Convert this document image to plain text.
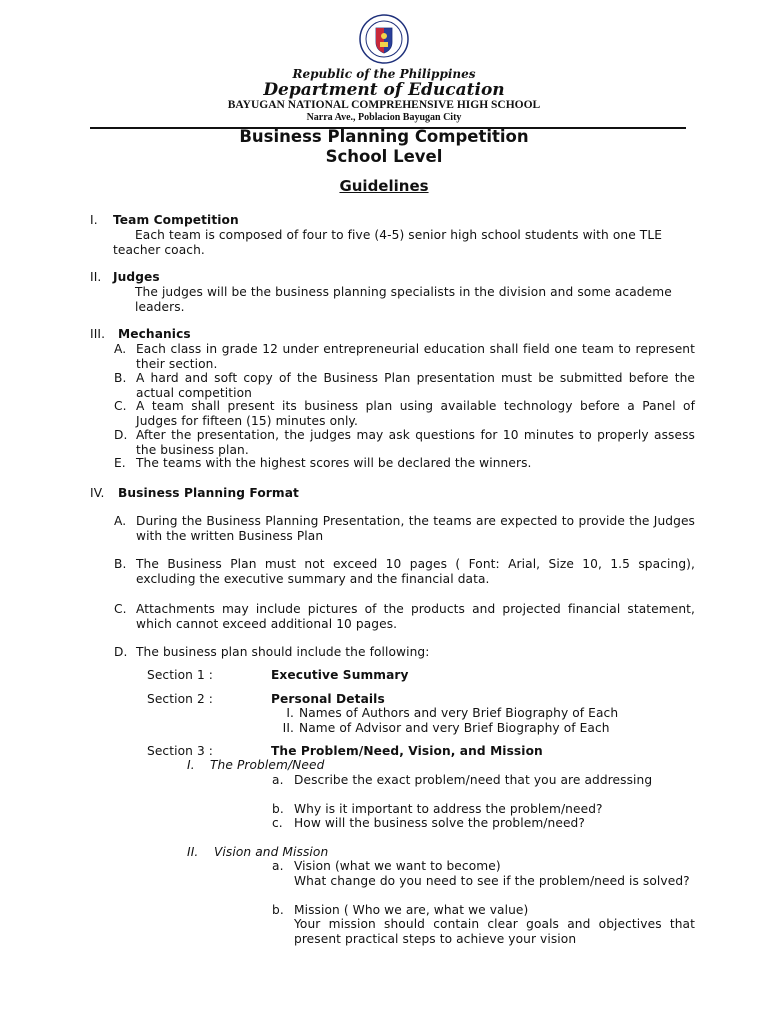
Republic of the Philippines
Department of Education
BAYUGAN NATIONAL COMPREHENSIVE HIGH SCHOOL
Narra Ave., Poblacion Bayugan City
Business Planning Competition
School Level
Guidelines
I. Team Competition
Each team is composed of four to five (4-5) senior high school students with one TLE teacher coach.
II. Judges
The judges will be the business planning specialists in the division and some academe leaders.
III. Mechanics
A. Each class in grade 12 under entrepreneurial education shall field one team to represent their section.
B. A hard and soft copy of the Business Plan presentation must be submitted before the actual competition
C. A team shall present its business plan using available technology before a Panel of Judges for fifteen (15) minutes only.
D. After the presentation, the judges may ask questions for 10 minutes to properly assess the business plan.
E. The teams with the highest scores will be declared the winners.
IV. Business Planning Format
A. During the Business Planning Presentation, the teams are expected to provide the Judges with the written Business Plan
B. The Business Plan must not exceed 10 pages ( Font: Arial, Size 10, 1.5 spacing), excluding the executive summary and the financial data.
C. Attachments may include pictures of the products and projected financial statement, which cannot exceed additional 10 pages.
D. The business plan should include the following:
Section 1 :	Executive Summary
Section 2 :	Personal Details
I. Names of Authors and very Brief Biography of Each
II. Name of Advisor and very Brief Biography of Each
Section 3 :	The Problem/Need, Vision, and Mission
I. The Problem/Need
a. Describe the exact problem/need that you are addressing
b. Why is it important to address the problem/need?
c. How will the business solve the problem/need?
II. Vision and Mission
a. Vision (what we want to become)
What change do you need to see if the problem/need is solved?
b. Mission ( Who we are, what we value)
Your mission should contain clear goals and objectives that present practical steps to achieve your vision
